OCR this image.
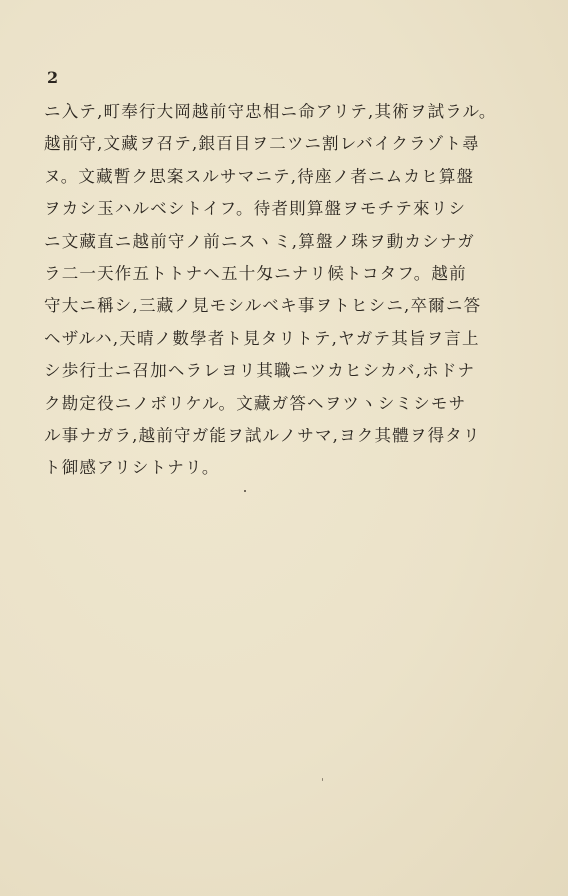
2
ニ入テ,町奉行大岡越前守忠相ニ命アリテ,其術ヲ試ラル。
越前守,文藏ヲ召テ,銀百目ヲ二ツニ割レバイクラゾト尋
ヌ。文藏暫ク思案スルサマニテ,待座ノ者ニムカヒ算盤
ヲカシ玉ハルベシトイフ。待者則算盤ヲモチテ來リシ
ニ文藏直ニ越前守ノ前ニスヽミ,算盤ノ珠ヲ動カシナガ
ラ二一天作五トトナヘ五十匁ニナリ候トコタフ。越前
守大ニ稱シ,三藏ノ見モシルベキ事ヲトヒシニ,卒爾ニ答
ヘザルハ,天晴ノ數學者ト見タリトテ,ヤガテ其旨ヲ言上
シ歩行士ニ召加ヘラレヨリ其職ニツカヒシカバ,ホドナ
ク勘定役ニノボリケル。文藏ガ答ヘヲツヽシミシモサ
ル事ナガラ,越前守ガ能ヲ試ルノサマ,ヨク其體ヲ得タリ
ト御感アリシトナリ。
